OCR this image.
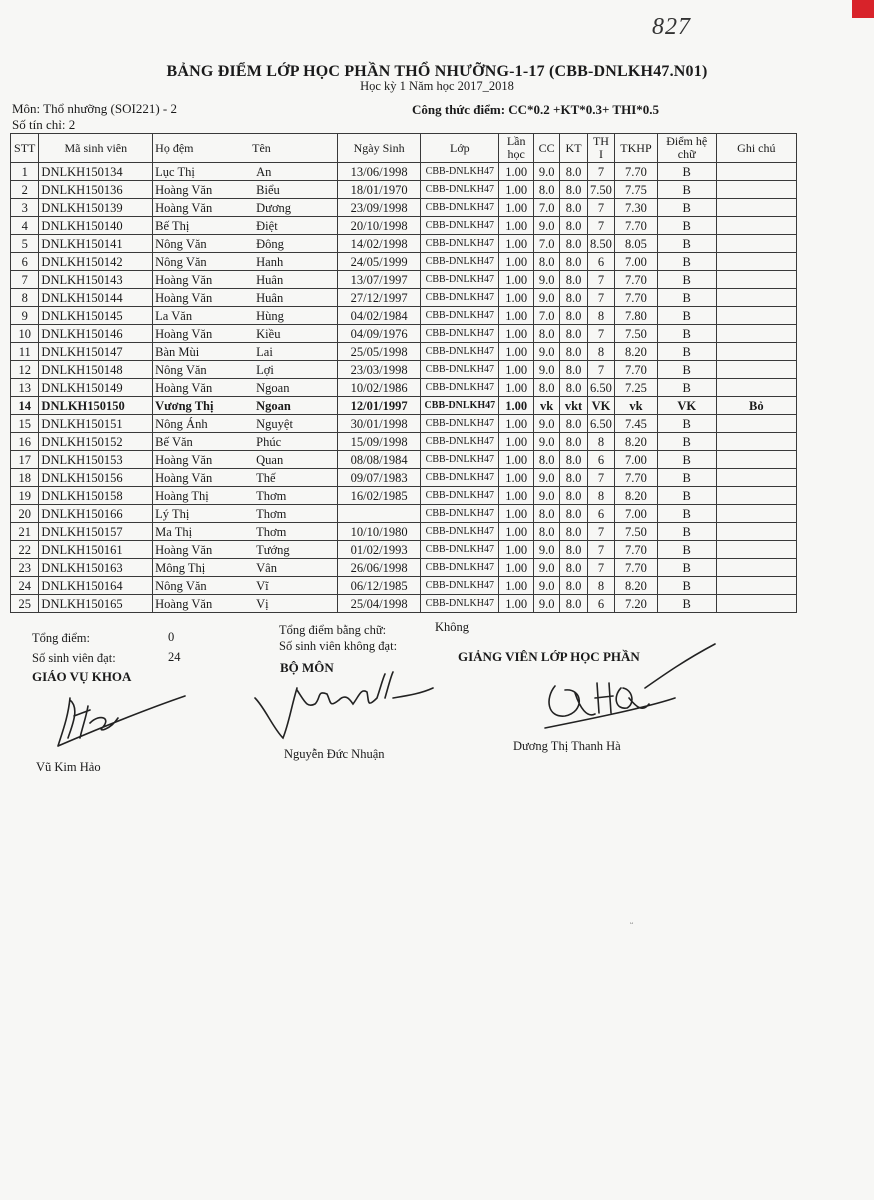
827
BẢNG ĐIỂM LỚP HỌC PHẦN THỔ NHƯỠNG-1-17 (CBB-DNLKH47.N01)
Học kỳ 1 Năm học 2017_2018
Môn: Thổ nhưỡng (SOI221) - 2
Số tín chỉ: 2
Công thức điểm: CC*0.2 +KT*0.3+ THI*0.5
STT	Mã sinh viên	Họ đệm	Tên	Ngày Sinh	Lớp	Lần học	CC	KT	TH I	TKHP	Điểm hệ chữ	Ghi chú
1	DNLKH150134	Lục Thị	An	13/06/1998	CBB-DNLKH47	1.00	9.0	8.0	7	7.70	B	
2	DNLKH150136	Hoàng Văn	Biểu	18/01/1970	CBB-DNLKH47	1.00	8.0	8.0	7.50	7.75	B	
3	DNLKH150139	Hoàng Văn	Dương	23/09/1998	CBB-DNLKH47	1.00	7.0	8.0	7	7.30	B	
4	DNLKH150140	Bế Thị	Điệt	20/10/1998	CBB-DNLKH47	1.00	9.0	8.0	7	7.70	B	
5	DNLKH150141	Nông Văn	Đông	14/02/1998	CBB-DNLKH47	1.00	7.0	8.0	8.50	8.05	B	
6	DNLKH150142	Nông Văn	Hanh	24/05/1999	CBB-DNLKH47	1.00	8.0	8.0	6	7.00	B	
7	DNLKH150143	Hoàng Văn	Huân	13/07/1997	CBB-DNLKH47	1.00	9.0	8.0	7	7.70	B	
8	DNLKH150144	Hoàng Văn	Huân	27/12/1997	CBB-DNLKH47	1.00	9.0	8.0	7	7.70	B	
9	DNLKH150145	La Văn	Hùng	04/02/1984	CBB-DNLKH47	1.00	7.0	8.0	8	7.80	B	
10	DNLKH150146	Hoàng Văn	Kiều	04/09/1976	CBB-DNLKH47	1.00	8.0	8.0	7	7.50	B	
11	DNLKH150147	Bàn Mùi	Lai	25/05/1998	CBB-DNLKH47	1.00	9.0	8.0	8	8.20	B	
12	DNLKH150148	Nông Văn	Lợi	23/03/1998	CBB-DNLKH47	1.00	9.0	8.0	7	7.70	B	
13	DNLKH150149	Hoàng Văn	Ngoan	10/02/1986	CBB-DNLKH47	1.00	8.0	8.0	6.50	7.25	B	
14	DNLKH150150	Vương Thị	Ngoan	12/01/1997	CBB-DNLKH47	1.00	vk	vkt	VK	vk	VK	Bỏ
15	DNLKH150151	Nông Ánh	Nguyệt	30/01/1998	CBB-DNLKH47	1.00	9.0	8.0	6.50	7.45	B	
16	DNLKH150152	Bế Văn	Phúc	15/09/1998	CBB-DNLKH47	1.00	9.0	8.0	8	8.20	B	
17	DNLKH150153	Hoàng Văn	Quan	08/08/1984	CBB-DNLKH47	1.00	8.0	8.0	6	7.00	B	
18	DNLKH150156	Hoàng Văn	Thế	09/07/1983	CBB-DNLKH47	1.00	9.0	8.0	7	7.70	B	
19	DNLKH150158	Hoàng Thị	Thơm	16/02/1985	CBB-DNLKH47	1.00	9.0	8.0	8	8.20	B	
20	DNLKH150166	Lý Thị	Thơm		CBB-DNLKH47	1.00	8.0	8.0	6	7.00	B	
21	DNLKH150157	Ma Thị	Thơm	10/10/1980	CBB-DNLKH47	1.00	8.0	8.0	7	7.50	B	
22	DNLKH150161	Hoàng Văn	Tướng	01/02/1993	CBB-DNLKH47	1.00	9.0	8.0	7	7.70	B	
23	DNLKH150163	Mông Thị	Vân	26/06/1998	CBB-DNLKH47	1.00	9.0	8.0	7	7.70	B	
24	DNLKH150164	Nông Văn	Vĩ	06/12/1985	CBB-DNLKH47	1.00	9.0	8.0	8	8.20	B	
25	DNLKH150165	Hoàng Văn	Vị	25/04/1998	CBB-DNLKH47	1.00	9.0	8.0	6	7.20	B	
Tổng điểm:	0	Tổng điểm bằng chữ:	Không
Số sinh viên đạt:	24
Số sinh viên không đạt:
GIÁO VỤ KHOA
BỘ MÔN
GIẢNG VIÊN LỚP HỌC PHẦN
Vũ Kim Hảo
Nguyễn Đức Nhuận
Dương Thị Thanh Hà
ᵕ
